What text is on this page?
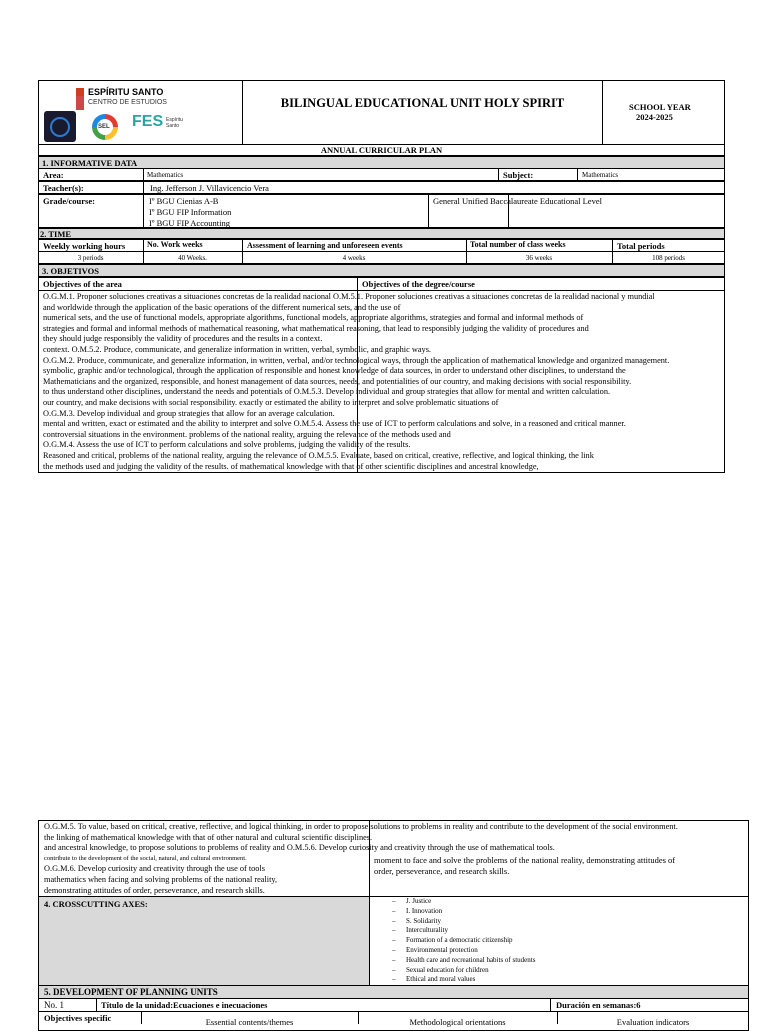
ESPÍRITU SANTO
CENTRO DE ESTUDIOS
SEL FES Espíritu Santo
BILINGUAL EDUCATIONAL UNIT HOLY SPIRIT	SCHOOL YEAR
2024-2025
ANNUAL CURRICULAR PLAN
1. INFORMATIVE DATA
Area:	Mathematics	Subject:	Mathematics
Teacher(s):	Ing. Jefferson J. Villavicencio Vera
Grade/course:	Iº BGU Cienias A-B
Iº BGU FIP Information
Iº BGU FIP Accounting
General Unified Baccalaureate Educational Level
2. TIME
Weekly working hours	No. Work weeks	Assessment of learning and unforeseen events	Total number of class weeks	Total periods
3 periods	40 Weeks.	4 weeks	36 weeks	108 periods
3. OBJETIVOS
Objectives of the area	Objectives of the degree/course
O.G.M.1. Proponer soluciones creativas a situaciones concretas de la realidad nacional O.M.5.1. Proponer soluciones creativas a situaciones concretas de la realidad nacional y mundial
and worldwide through the application of the basic operations of the different numerical sets, and the use of
numerical sets, and the use of functional models, appropriate algorithms, functional models, appropriate algorithms, strategies and formal and informal methods of
strategies and formal and informal methods of mathematical reasoning, what mathematical reasoning, that lead to responsibly judging the validity of procedures and
they should judge responsibly the validity of procedures and the results in a context.
context. O.M.5.2. Produce, communicate, and generalize information in written, verbal, symbolic, and graphic ways.
O.G.M.2. Produce, communicate, and generalize information, in written, verbal, and/or technological ways, through the application of mathematical knowledge and organized management.
symbolic, graphic and/or technological, through the application of responsible and honest knowledge of data sources, in order to understand other disciplines, to understand the
Mathematicians and the organized, responsible, and honest management of data sources, needs, and potentialities of our country, and making decisions with social responsibility.
to thus understand other disciplines, understand the needs and potentials of O.M.5.3. Develop individual and group strategies that allow for mental and written calculation.
our country, and make decisions with social responsibility. exactly or estimated the ability to interpret and solve problematic situations of
O.G.M.3. Develop individual and group strategies that allow for an average calculation.
mental and written, exact or estimated and the ability to interpret and solve O.M.5.4. Assess the use of ICT to perform calculations and solve, in a reasoned and critical manner.
controversial situations in the environment. problems of the national reality, arguing the relevance of the methods used and
O.G.M.4. Assess the use of ICT to perform calculations and solve problems, judging the validity of the results.
Reasoned and critical, problems of the national reality, arguing the relevance of O.M.5.5. Evaluate, based on critical, creative, reflective, and logical thinking, the link
the methods used and judging the validity of the results. of mathematical knowledge with that of other scientific disciplines and ancestral knowledge,
O.G.M.5. To value, based on critical, creative, reflective, and logical thinking, in order to propose solutions to problems in reality and contribute to the development of the social environment.
the linking of mathematical knowledge with that of other natural and cultural scientific disciplines.
and ancestral knowledge, to propose solutions to problems of reality and O.M.5.6. Develop curiosity and creativity through the use of mathematical tools.
contribute to the development of the social, natural, and cultural environment.
O.G.M.6. Develop curiosity and creativity through the use of tools
mathematics when facing and solving problems of the national reality,
demonstrating attitudes of order, perseverance, and research skills.
moment to face and solve the problems of the national reality, demonstrating attitudes of
order, perseverance, and research skills.
4. CROSSCUTTING AXES:
–	J. Justice
– I. Innovation
– S. Solidarity
– Interculturality
– Formation of a democratic citizenship
– Environmental protection
– Health care and recreational habits of students
– Sexual education for children
– Ethical and moral values
5. DEVELOPMENT OF PLANNING UNITS
No. 1	Título de la unidad:Ecuaciones e inecuaciones	Duración en semanas:6
Objectives specific	Essential contents/themes	Methodological orientations	Evaluation indicators
